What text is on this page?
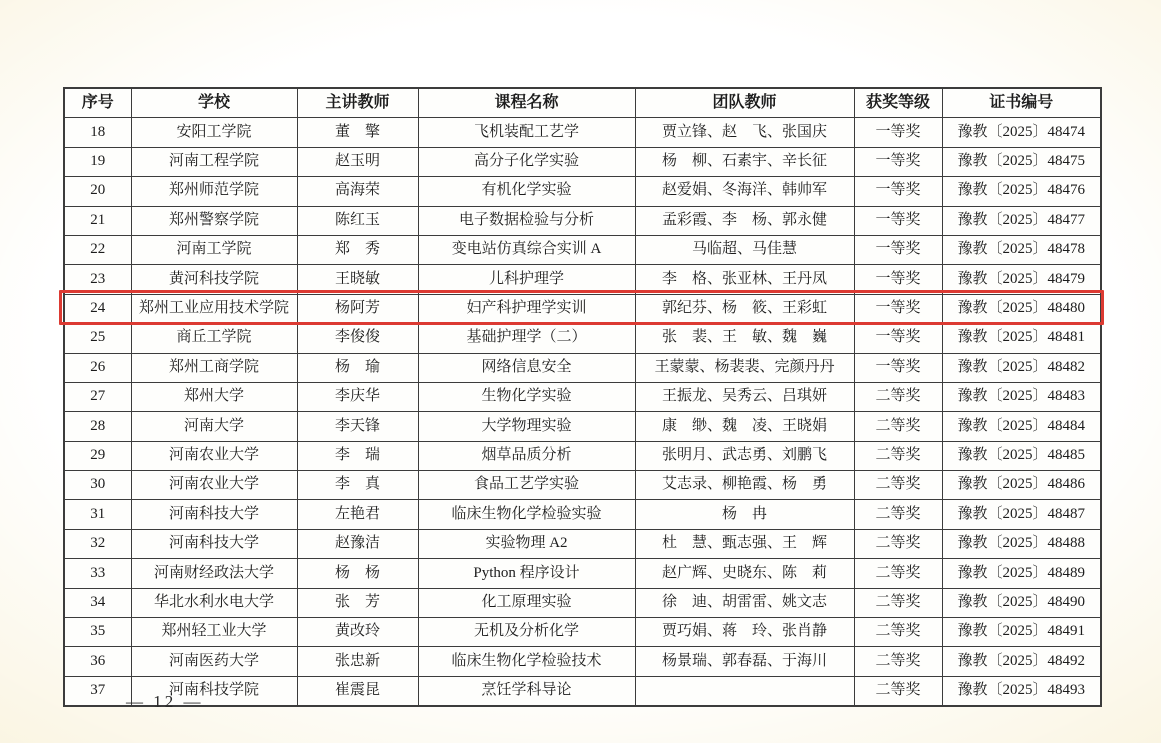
序号	学校	主讲教师	课程名称	团队教师	获奖等级	证书编号
18	安阳工学院	董　擎	飞机装配工艺学	贾立锋、赵　飞、张国庆	一等奖	豫教〔2025〕48474
19	河南工程学院	赵玉明	高分子化学实验	杨　柳、石素宇、辛长征	一等奖	豫教〔2025〕48475
20	郑州师范学院	高海荣	有机化学实验	赵爱娟、冬海洋、韩帅军	一等奖	豫教〔2025〕48476
21	郑州警察学院	陈红玉	电子数据检验与分析	孟彩霞、李　杨、郭永健	一等奖	豫教〔2025〕48477
22	河南工学院	郑　秀	变电站仿真综合实训 A	马临超、马佳慧	一等奖	豫教〔2025〕48478
23	黄河科技学院	王晓敏	儿科护理学	李　格、张亚林、王丹凤	一等奖	豫教〔2025〕48479
24	郑州工业应用技术学院	杨阿芳	妇产科护理学实训	郭纪芬、杨　筱、王彩虹	一等奖	豫教〔2025〕48480
25	商丘工学院	李俊俊	基础护理学（二）	张　裴、王　敏、魏　巍	一等奖	豫教〔2025〕48481
26	郑州工商学院	杨　瑜	网络信息安全	王蒙蒙、杨裴裴、完颜丹丹	一等奖	豫教〔2025〕48482
27	郑州大学	李庆华	生物化学实验	王振龙、吴秀云、吕琪妍	二等奖	豫教〔2025〕48483
28	河南大学	李天锋	大学物理实验	康　缈、魏　凌、王晓娟	二等奖	豫教〔2025〕48484
29	河南农业大学	李　瑞	烟草品质分析	张明月、武志勇、刘鹏飞	二等奖	豫教〔2025〕48485
30	河南农业大学	李　真	食品工艺学实验	艾志录、柳艳霞、杨　勇	二等奖	豫教〔2025〕48486
31	河南科技大学	左艳君	临床生物化学检验实验	杨　冉	二等奖	豫教〔2025〕48487
32	河南科技大学	赵豫洁	实验物理 A2	杜　慧、甄志强、王　辉	二等奖	豫教〔2025〕48488
33	河南财经政法大学	杨　杨	Python 程序设计	赵广辉、史晓东、陈　莉	二等奖	豫教〔2025〕48489
34	华北水利水电大学	张　芳	化工原理实验	徐　迪、胡雷雷、姚文志	二等奖	豫教〔2025〕48490
35	郑州轻工业大学	黄改玲	无机及分析化学	贾巧娟、蒋　玲、张肖静	二等奖	豫教〔2025〕48491
36	河南医药大学	张忠新	临床生物化学检验技术	杨景瑞、郭春磊、于海川	二等奖	豫教〔2025〕48492
37	河南科技学院	崔震昆	烹饪学科导论		二等奖	豫教〔2025〕48493
— 12 —
